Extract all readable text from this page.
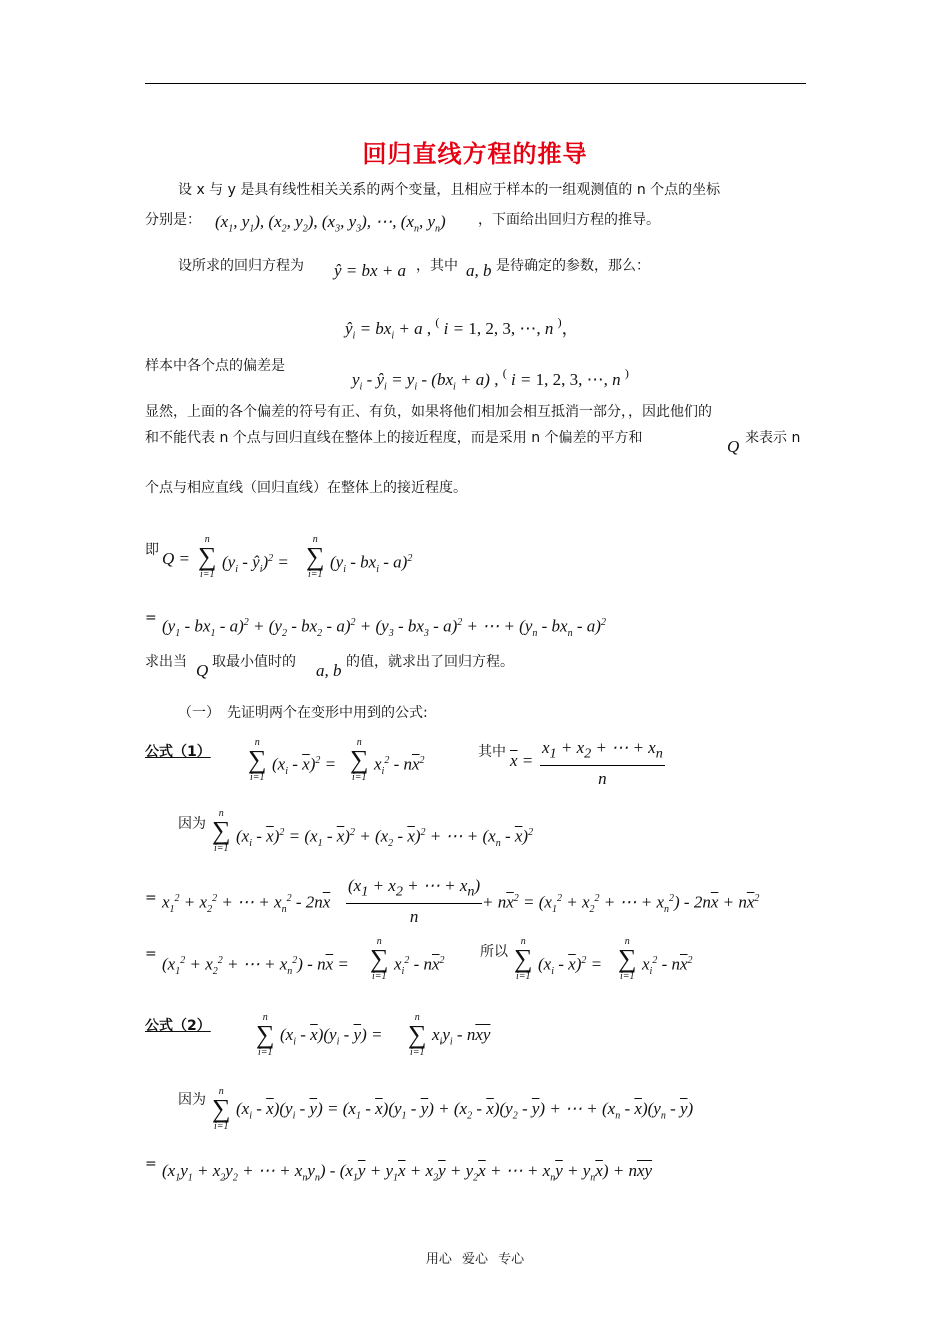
回归直线方程的推导
设 x 与 y 是具有线性相关关系的两个变量，且相应于样本的一组观测值的 n 个点的坐标
分别是： ($x_1$, $y_1$), ($x_2$, $y_2$), ($x_3$, $y_3$), ⋯, ($x_n$, $y_n$) ，下面给出回归方程的推导。
设所求的回归方程为 ŷ = bx + a ，其中 a, b 是待确定的参数，那么：
$ŷ_i = bx_i + a$ , ( i = 1, 2, 3, ⋯, n )，
样本中各个点的偏差是
$y_i$ - $ŷ_i = y_i - (bx_i + a)$ , ( i = 1, 2, 3, ⋯, n )
显然，上面的各个偏差的符号有正、有负，如果将他们相加会相互抵消一部分，，因此他们的
和不能代表 n 个点与回归直线在整体上的接近程度，而是采用 n 个偏差的平方和	Q 来表示 n
个点与相应直线（回归直线）在整体上的接近程度。
即 Q =
n
∑
i=1
($y_i$ - $ŷ_i)^2$ =
n
∑
i=1
$(y_i - bx_i - a)^2$
= $(y_1 - bx_1 - a)^2 + (y_2 - bx_2 - a)^2 + (y_3 - bx_3 - a)^2$ + ⋯ + $(y_n - bx_n - a)^2$
求出当 Q 取最小值时的 a, b 的值，就求出了回归方程。
（一）　先证明两个在变形中用到的公式:
公式（1）
n
∑
i=1
$(x_i - \overline{x})^2$ =
n
∑
i=1
$x_i^2 - n\overline{x}^2$
其中 $\overline{x} = \frac{x_1 + x_2 + \cdots + x_n}{n}$
因为
n
∑
i=1
$(x_i - \overline{x})^2 = (x_1 - \overline{x})^2 + (x_2 - \overline{x})^2$ + ⋯ + $(x_n - \overline{x})^2$
= $x_1^2 + x_2^2$ + ⋯ + $x_n^2 - 2n\overline{x} \frac{(x_1 + x_2 + \cdots + x_n)}{n} + n\overline{x}^2 = (x_1^2 + x_2^2$ + ⋯ + $x_n^2) - 2n\overline{x} + n\overline{x}^2$
=
($x_1^2 + x_2^2$ + ⋯ + $x_n^2) - n\overline{x}$ =
n
∑
i=1
$x_i^2 - n\overline{x}^2$
所以
n
∑
i=1
$(x_i - \overline{x})^2$ =
n
∑
i=1
$x_i^2 - n\overline{x}^2$
公式（2）
n
∑
i=1
$(x_i - \overline{x})(y_i - \overline{y})$ =
n
∑
i=1
$x_iy_i - n\overline{xy}$
因为
n
∑
i=1
$(x_i - \overline{x})(y_i - \overline{y}) = (x_1 - \overline{x})(y_1 - \overline{y}) + (x_2 - \overline{x})(y_2 - \overline{y})$ + ⋯ + $(x_n - \overline{x})(y_n - \overline{y})$
= ($x_1y_1 + x_2y_2$ + ⋯ + $x_ny_n) - (x_1\overline{y} + y_1\overline{x} + x_2\overline{y} + y_2\overline{x}$ + ⋯ + $x_n\overline{y} + y_n\overline{x}) + n\overline{xy}$
用心 爱心 专心
